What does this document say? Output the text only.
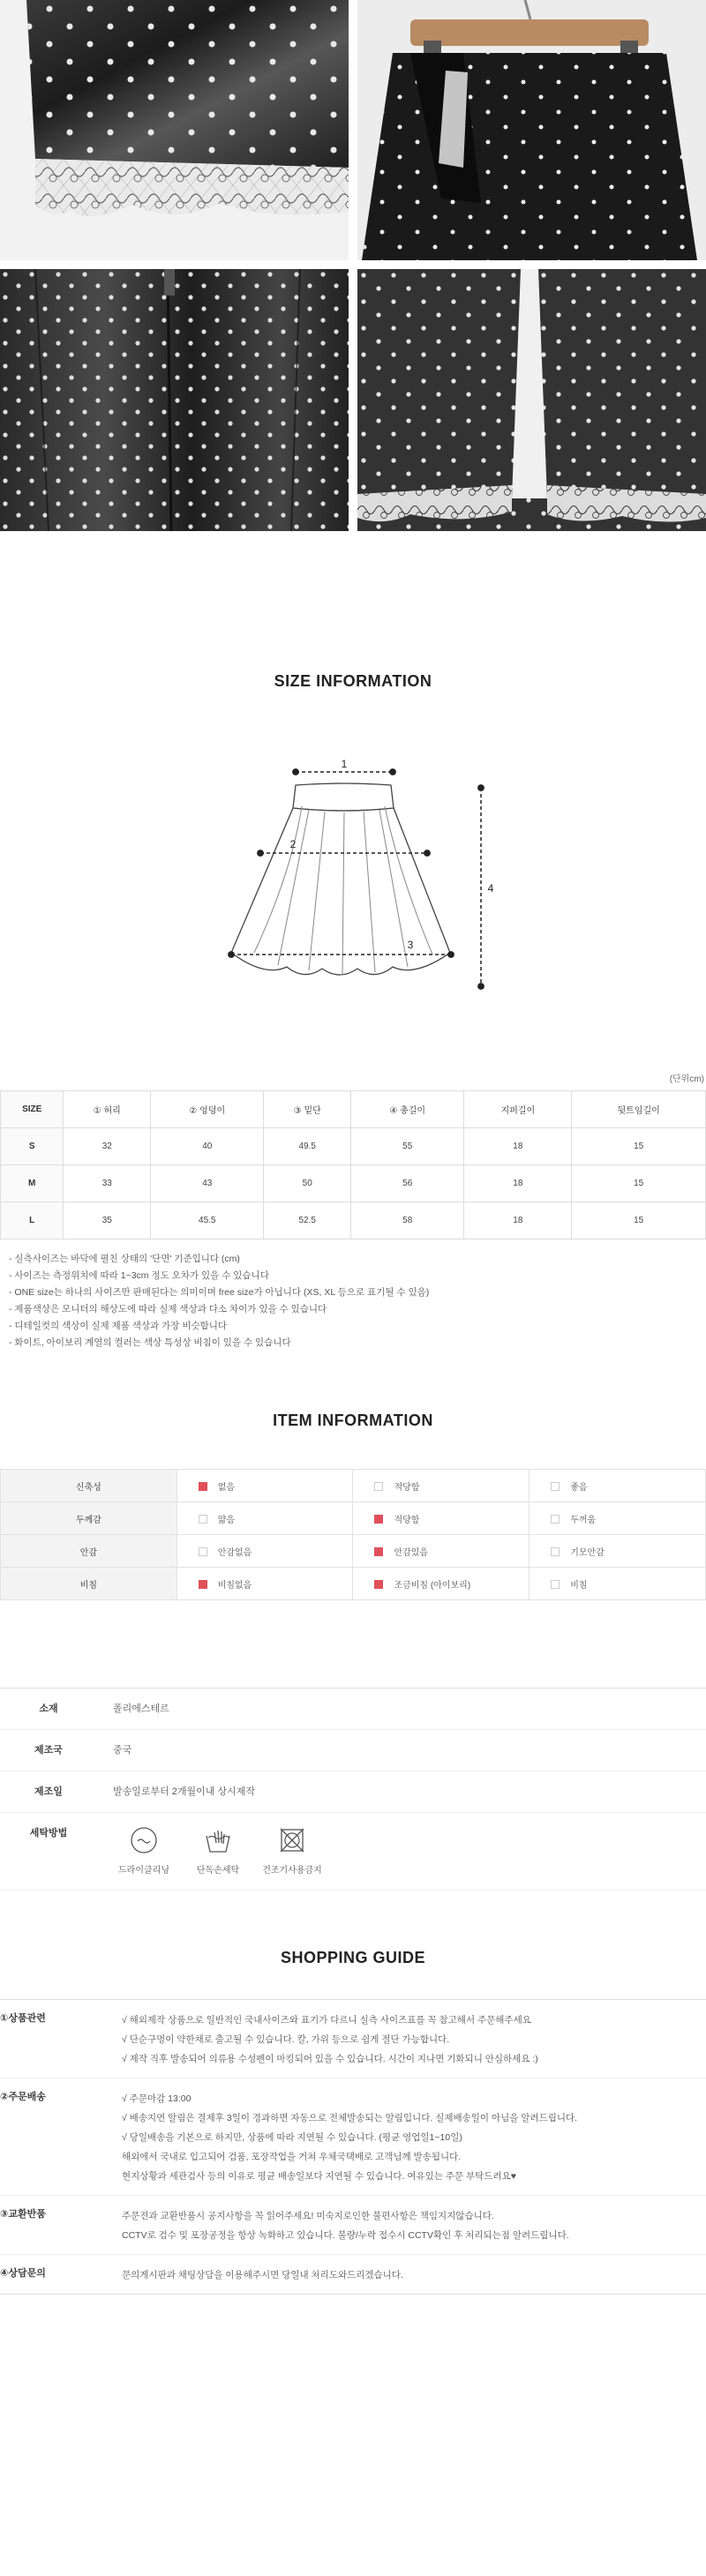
SIZE INFORMATION
1
2
3
4
(단위cm)
SIZE	① 허리	② 엉덩이	③ 밑단	④ 총길이	지퍼길이	뒷트임길이
S	32	40	49.5	55	18	15
M	33	43	50	56	18	15
L	35	45.5	52.5	58	18	15
- 실측사이즈는 바닥에 펼친 상태의 '단면' 기준입니다 (cm)
- 사이즈는 측정위치에 따라 1~3cm 정도 오차가 있을 수 있습니다
- ONE size는 하나의 사이즈만 판매된다는 의미이며 free size가 아닙니다 (XS, XL 등으로 표기될 수 있음)
- 제품색상은 모니터의 해상도에 따라 실제 색상과 다소 차이가 있을 수 있습니다
- 디테일컷의 색상이 실제 제품 색상과 가장 비슷합니다
- 화이트, 아이보리 계열의 컬러는 색상 특성상 비침이 있을 수 있습니다
ITEM INFORMATION
신축성	없음	적당함	좋음
두께감	얇음	적당함	두꺼움
안감	안감없음	안감있음	기모안감
비침	비침없음	조금비침 (아이보리)	비침
소재	폴리에스테르
제조국	중국
제조일	발송일로부터 2개월이내 상시제작
세탁방법
드라이클리닝	단독손세탁	건조기사용금지
SHOPPING GUIDE
①상품관련	√ 해외제작 상품으로 일반적인 국내사이즈와 표기가 다르니 실측 사이즈표를 꼭 참고해서 주문해주세요

√ 단순구멍이 약한채로 출고될 수 있습니다. 칼, 가위 등으로 쉽게 절단 가능합니다.

√ 제작 직후 발송되어 의류용 수성펜이 마킹되어 있을 수 있습니다. 시간이 지나면 기화되니 안심하세요 :)

②주문배송	√ 주문마감 13:00

√ 배송지연 알림은 결제후 3일이 경과하면 자동으로 전체발송되는 알림입니다. 실제배송일이 아님을 알려드립니다.

√ 당일배송을 기본으로 하지만, 상품에 따라 지연될 수 있습니다. (평균 영업일1~10일)

해외에서 국내로 입고되어 검품, 포장작업을 거쳐 우체국택배로 고객님께 발송됩니다.

현지상황과 세관검사 등의 이유로 평균 배송일보다 지연될 수 있습니다. 여유있는 주문 부탁드려요♥

③교환반품	주문전과 교환반품시 공지사항을 꼭 읽어주세요! 미숙지로인한 불편사항은 책임지지않습니다.

CCTV로 검수 및 포장공정을 항상 녹화하고 있습니다. 불량/누락 접수시 CCTV확인 후 처리되는점 알려드립니다.

④상담문의	문의게시판과 채팅상담을 이용해주시면 당일내 처리도와드리겠습니다.
